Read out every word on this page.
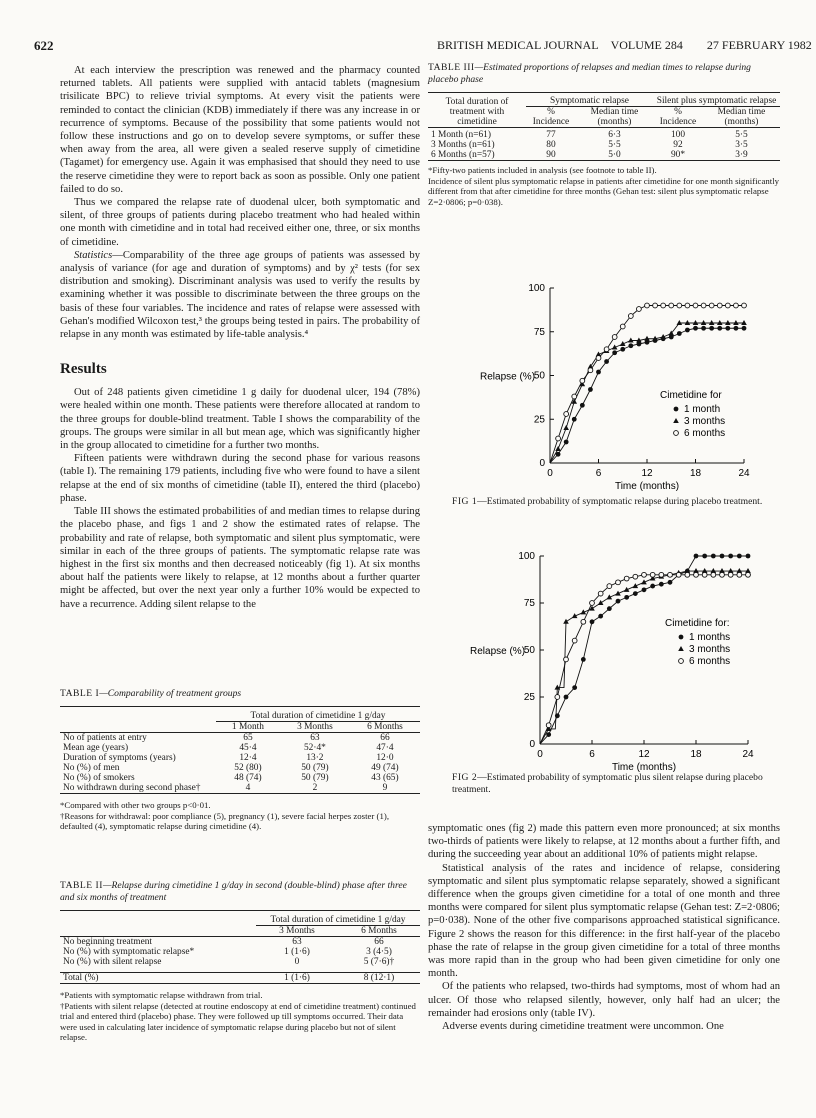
622	BRITISH MEDICAL JOURNAL VOLUME 284 27 FEBRUARY 1982

At each interview the prescription was renewed and the pharmacy counted returned tablets. All patients were supplied with antacid tablets (magnesium trisilicate BPC) to relieve trivial symptoms. At every visit the patients were reminded to contact the clinician (KDB) immediately if there was any increase in or recurrence of symptoms. Because of the possibility that some patients would not follow these instructions and go on to develop severe symptoms, or suffer these when away from the area, all were given a sealed reserve supply of cimetidine (Tagamet) for emergency use. Again it was emphasised that should they need to use the reserve cimetidine they were to report back as soon as possible. Only one patient failed to do so.

Thus we compared the relapse rate of duodenal ulcer, both symptomatic and silent, of three groups of patients during placebo treatment who had healed within one month with cimetidine and in total had received either one, three, or six months of cimetidine.

Statistics—Comparability of the three age groups of patients was assessed by analysis of variance (for age and duration of symptoms) and by χ² tests (for sex distribution and smoking). Discriminant analysis was used to verify the results by examining whether it was possible to discriminate between the three groups on the basis of these four variables. The incidence and rates of relapse were assessed with Gehan's modified Wilcoxon test,³ the groups being tested in pairs. The probability of relapse in any month was estimated by life-table analysis.⁴

Results

Out of 248 patients given cimetidine 1 g daily for duodenal ulcer, 194 (78%) were healed within one month. These patients were therefore allocated at random to the three groups for double-blind treatment. Table I shows the comparability of the groups. The groups were similar in all but mean age, which was significantly higher in the group allocated to cimetidine for a further two months.

Fifteen patients were withdrawn during the second phase for various reasons (table I). The remaining 179 patients, including five who were found to have a silent relapse at the end of six months of cimetidine (table II), entered the third (placebo) phase.

Table III shows the estimated probabilities of and median times to relapse during the placebo phase, and figs 1 and 2 show the estimated rates of relapse. The probability and rate of relapse, both symptomatic and silent plus symptomatic, were similar in each of the three groups of patients. The symptomatic relapse rate was highest in the first six months and then decreased noticeably (fig 1). At six months about half the patients were likely to relapse, at 12 months about a further quarter might be affected, but over the next year only a further 10% would be expected to have a recurrence. Adding silent relapse to the

TABLE I—Comparability of treatment groups
	Total duration of cimetidine 1 g/day		
	1 Month	3 Months	6 Months
No of patients at entry	65	63	66
Mean age (years)	45·4	52·4*	47·4
Duration of symptoms (years)	12·4	13·2	12·0
No (%) of men	52 (80)	50 (79)	49 (74)
No (%) of smokers	48 (74)	50 (79)	43 (65)
No withdrawn during second phase†	4	2	9
*Compared with other two groups p<0·01.
†Reasons for withdrawal: poor compliance (5), pregnancy (1), severe facial herpes zoster (1), defaulted (4), symptomatic relapse during cimetidine (4).
TABLE II—Relapse during cimetidine 1 g/day in second (double-blind) phase after three and six months of treatment
	Total duration of cimetidine 1 g/day	
	3 Months	6 Months
No beginning treatment	63	66
No (%) with symptomatic relapse*	1 (1·6)	3 (4·5)
No (%) with silent relapse	0	5 (7·6)†

Total (%)	1 (1·6)	8 (12·1)
*Patients with symptomatic relapse withdrawn from trial.
†Patients with silent relapse (detected at routine endoscopy at end of cimetidine treatment) continued trial and entered third (placebo) phase. They were followed up till symptoms occurred. Their data were used in calculating later incidence of symptomatic relapse during placebo but not of silent relapse.
TABLE III—Estimated proportions of relapses and median times to relapse during placebo phase
Total duration of treatment with cimetidine	Symptomatic relapse		Silent plus symptomatic relapse	
	% Incidence	Median time (months)	% Incidence	Median time (months)

1 Month (n=61)	77	6·3	100	5·5
3 Months (n=61)	80	5·5	92	3·5
6 Months (n=57)	90	5·0	90*	3·9
*Fifty-two patients included in analysis (see footnote to table II).
Incidence of silent plus symptomatic relapse in patients after cimetidine for one month significantly different from that after cimetidine for three months (Gehan test: silent plus symptomatic relapse Z=2·0806; p=0·038).
0
25
50
75
100
0	6	12	18	24
Time (months)
Relapse (%)
Cimetidine for
1 month
3 months
6 months
FIG 1—Estimated probability of symptomatic relapse during placebo treatment.
0
25
50
75
100
0	6	12	18	24
Time (months)
Relapse (%)
Cimetidine for:
1 months
3 months
6 months
FIG 2—Estimated probability of symptomatic plus silent relapse during placebo treatment.

symptomatic ones (fig 2) made this pattern even more pronounced; at six months two-thirds of patients were likely to relapse, at 12 months about a further fifth, and during the succeeding year about an additional 10% of patients might relapse.

Statistical analysis of the rates and incidence of relapse, considering symptomatic and silent plus symptomatic relapse separately, showed a significant difference when the groups given cimetidine for a total of one month and three months were compared for silent plus symptomatic relapse (Gehan test: Z=2·0806; p=0·038). None of the other five comparisons approached statistical significance. Figure 2 shows the reason for this difference: in the first half-year of the placebo phase the rate of relapse in the group given cimetidine for a total of three months was more rapid than in the group who had been given cimetidine for only one month.

Of the patients who relapsed, two-thirds had symptoms, most of whom had an ulcer. Of those who relapsed silently, however, only half had an ulcer; the remainder had erosions only (table IV).

Adverse events during cimetidine treatment were uncommon. One
